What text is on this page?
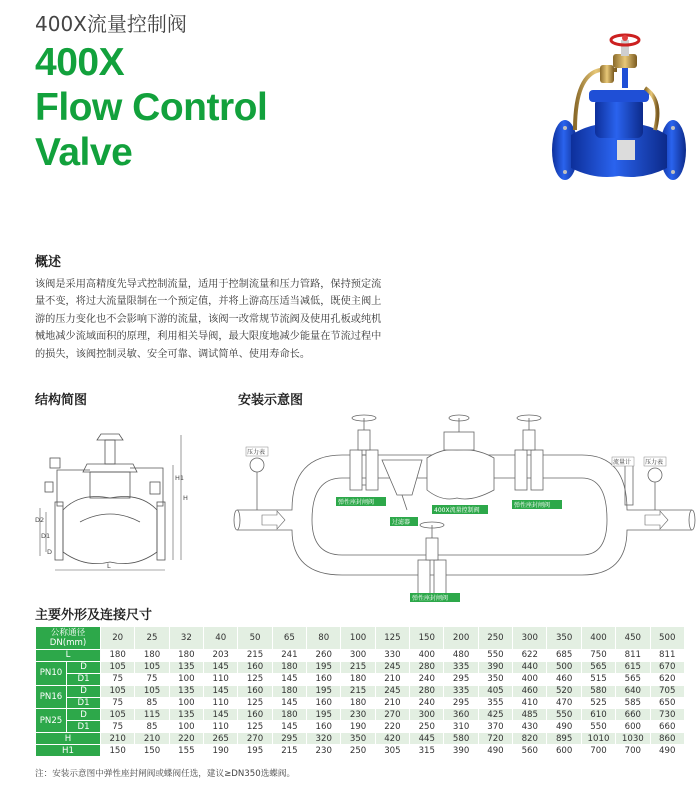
400X流量控制阀
400X
Flow Control
Valve
概述
该阀是采用高精度先导式控制流量，适用于控制流量和压力管路，保持预定流
量不变，将过大流量限制在一个预定值，并将上游高压适当减低，既使主阀上
游的压力变化也不会影响下游的流量，该阀一改常规节流阀及使用孔板或纯机
械地减少流域面积的原理，利用相关导阀，最大限度地减少能量在节流过程中
的损失，该阀控制灵敏、安全可靠、调试简单、使用寿命长。
结构简图
H1
H
D2
D1
D
L
安装示意图
压力表
流量计 压力表
弹性座封闸阀
400X流量控制阀
弹性座封闸阀
过滤器
弹性座封闸阀
主要外形及连接尺寸
公称通径
DN(mm)		20	25	32	40	50	65	80	100	125	150	200	250	300	350	400	450	500
L		180	180	180	203	215	241	260	300	330	400	480	550	622	685	750	811	811
PN10	D	105	105	135	145	160	180	195	215	245	280	335	390	440	500	565	615	670
	D1	75	75	100	110	125	145	160	180	210	240	295	350	400	460	515	565	620
PN16	D	105	105	135	145	160	180	195	215	245	280	335	405	460	520	580	640	705
	D1	75	85	100	110	125	145	160	180	210	240	295	355	410	470	525	585	650
PN25	D	105	115	135	145	160	180	195	230	270	300	360	425	485	550	610	660	730
	D1	75	85	100	110	125	145	160	190	220	250	310	370	430	490	550	600	660
H		210	210	220	265	270	295	320	350	420	445	580	720	820	895	1010	1030	860
H1		150	150	155	190	195	215	230	250	305	315	390	490	560	600	700	700	490
注：安装示意图中弹性座封闸阀或蝶阀任选，建议≥DN350选蝶阀。
